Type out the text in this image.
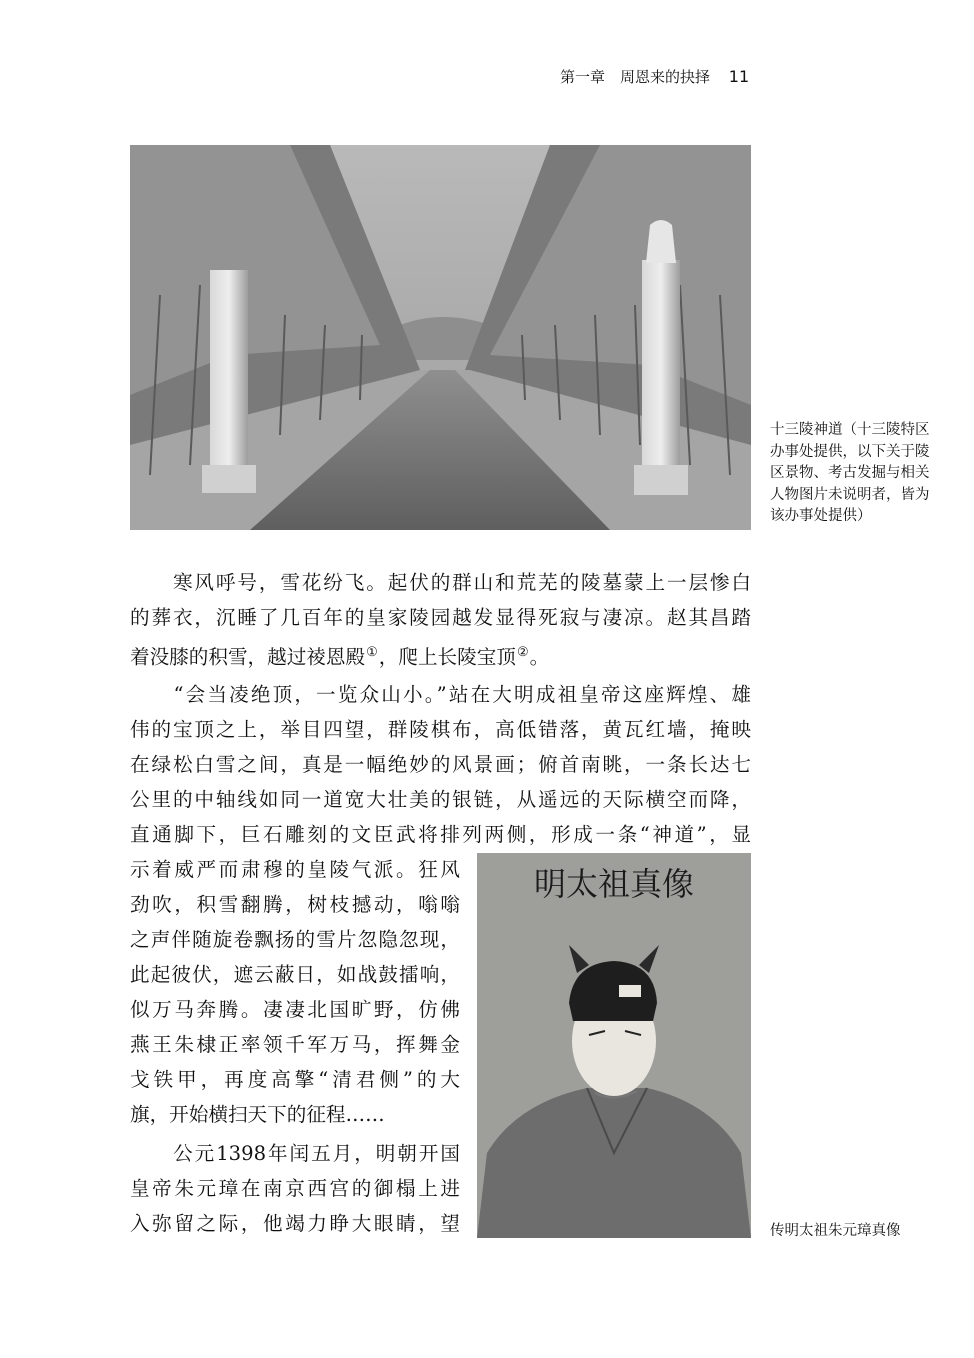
第一章　周恩来的抉择 11
十三陵神道（十三陵特区办事处提供，以下关于陵区景物、考古发掘与相关人物图片未说明者，皆为该办事处提供）
　　寒风呼号，雪花纷飞。起伏的群山和荒芜的陵墓蒙上一层惨白
的葬衣，沉睡了几百年的皇家陵园越发显得死寂与凄凉。赵其昌踏
着没膝的积雪，越过祾恩殿①，爬上长陵宝顶②。
　　“会当凌绝顶，一览众山小。”站在大明成祖皇帝这座辉煌、雄
伟的宝顶之上，举目四望，群陵棋布，高低错落，黄瓦红墙，掩映
在绿松白雪之间，真是一幅绝妙的风景画；俯首南眺，一条长达七
公里的中轴线如同一道宽大壮美的银链，从遥远的天际横空而降，
直通脚下，巨石雕刻的文臣武将排列两侧，形成一条“神道”，显
示着威严而肃穆的皇陵气派。狂风
劲吹，积雪翻腾，树枝撼动，嗡嗡
之声伴随旋卷飘扬的雪片忽隐忽现，
此起彼伏，遮云蔽日，如战鼓擂响，
似万马奔腾。凄凄北国旷野，仿佛
燕王朱棣正率领千军万马，挥舞金
戈铁甲，再度高擎“清君侧”的大
旗，开始横扫天下的征程……
　　公元1398年闰五月，明朝开国
皇帝朱元璋在南京西宫的御榻上进
入弥留之际，他竭力睁大眼睛，望
明太祖真像
传明太祖朱元璋真像
